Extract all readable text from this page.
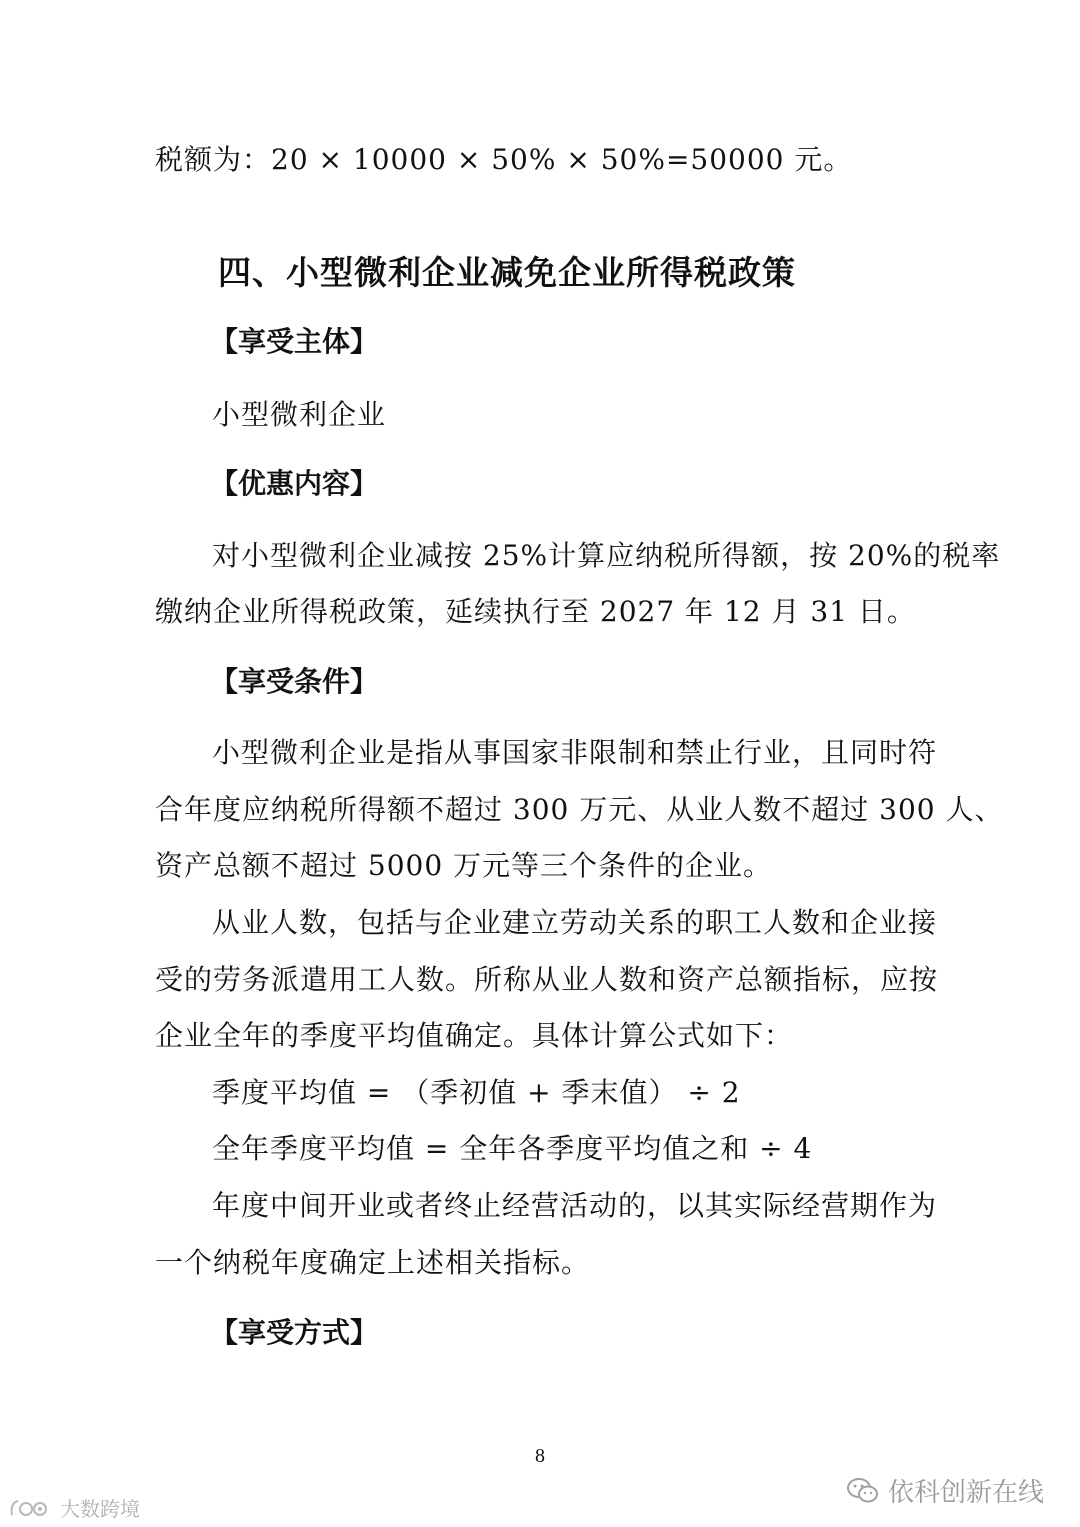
税额为：20 × 10000 × 50% × 50%=50000 元。
四、小型微利企业减免企业所得税政策
【享受主体】
小型微利企业
【优惠内容】
对小型微利企业减按 25%计算应纳税所得额，按 20%的税率
缴纳企业所得税政策，延续执行至 2027 年 12 月 31 日。
【享受条件】
小型微利企业是指从事国家非限制和禁止行业，且同时符
合年度应纳税所得额不超过 300 万元、从业人数不超过 300 人、
资产总额不超过 5000 万元等三个条件的企业。
从业人数，包括与企业建立劳动关系的职工人数和企业接
受的劳务派遣用工人数。所称从业人数和资产总额指标，应按
企业全年的季度平均值确定。具体计算公式如下：
季度平均值 = （季初值 + 季末值） ÷ 2
全年季度平均值 = 全年各季度平均值之和 ÷ 4
年度中间开业或者终止经营活动的，以其实际经营期作为
一个纳税年度确定上述相关指标。
【享受方式】
8
依科创新在线
大数跨境
